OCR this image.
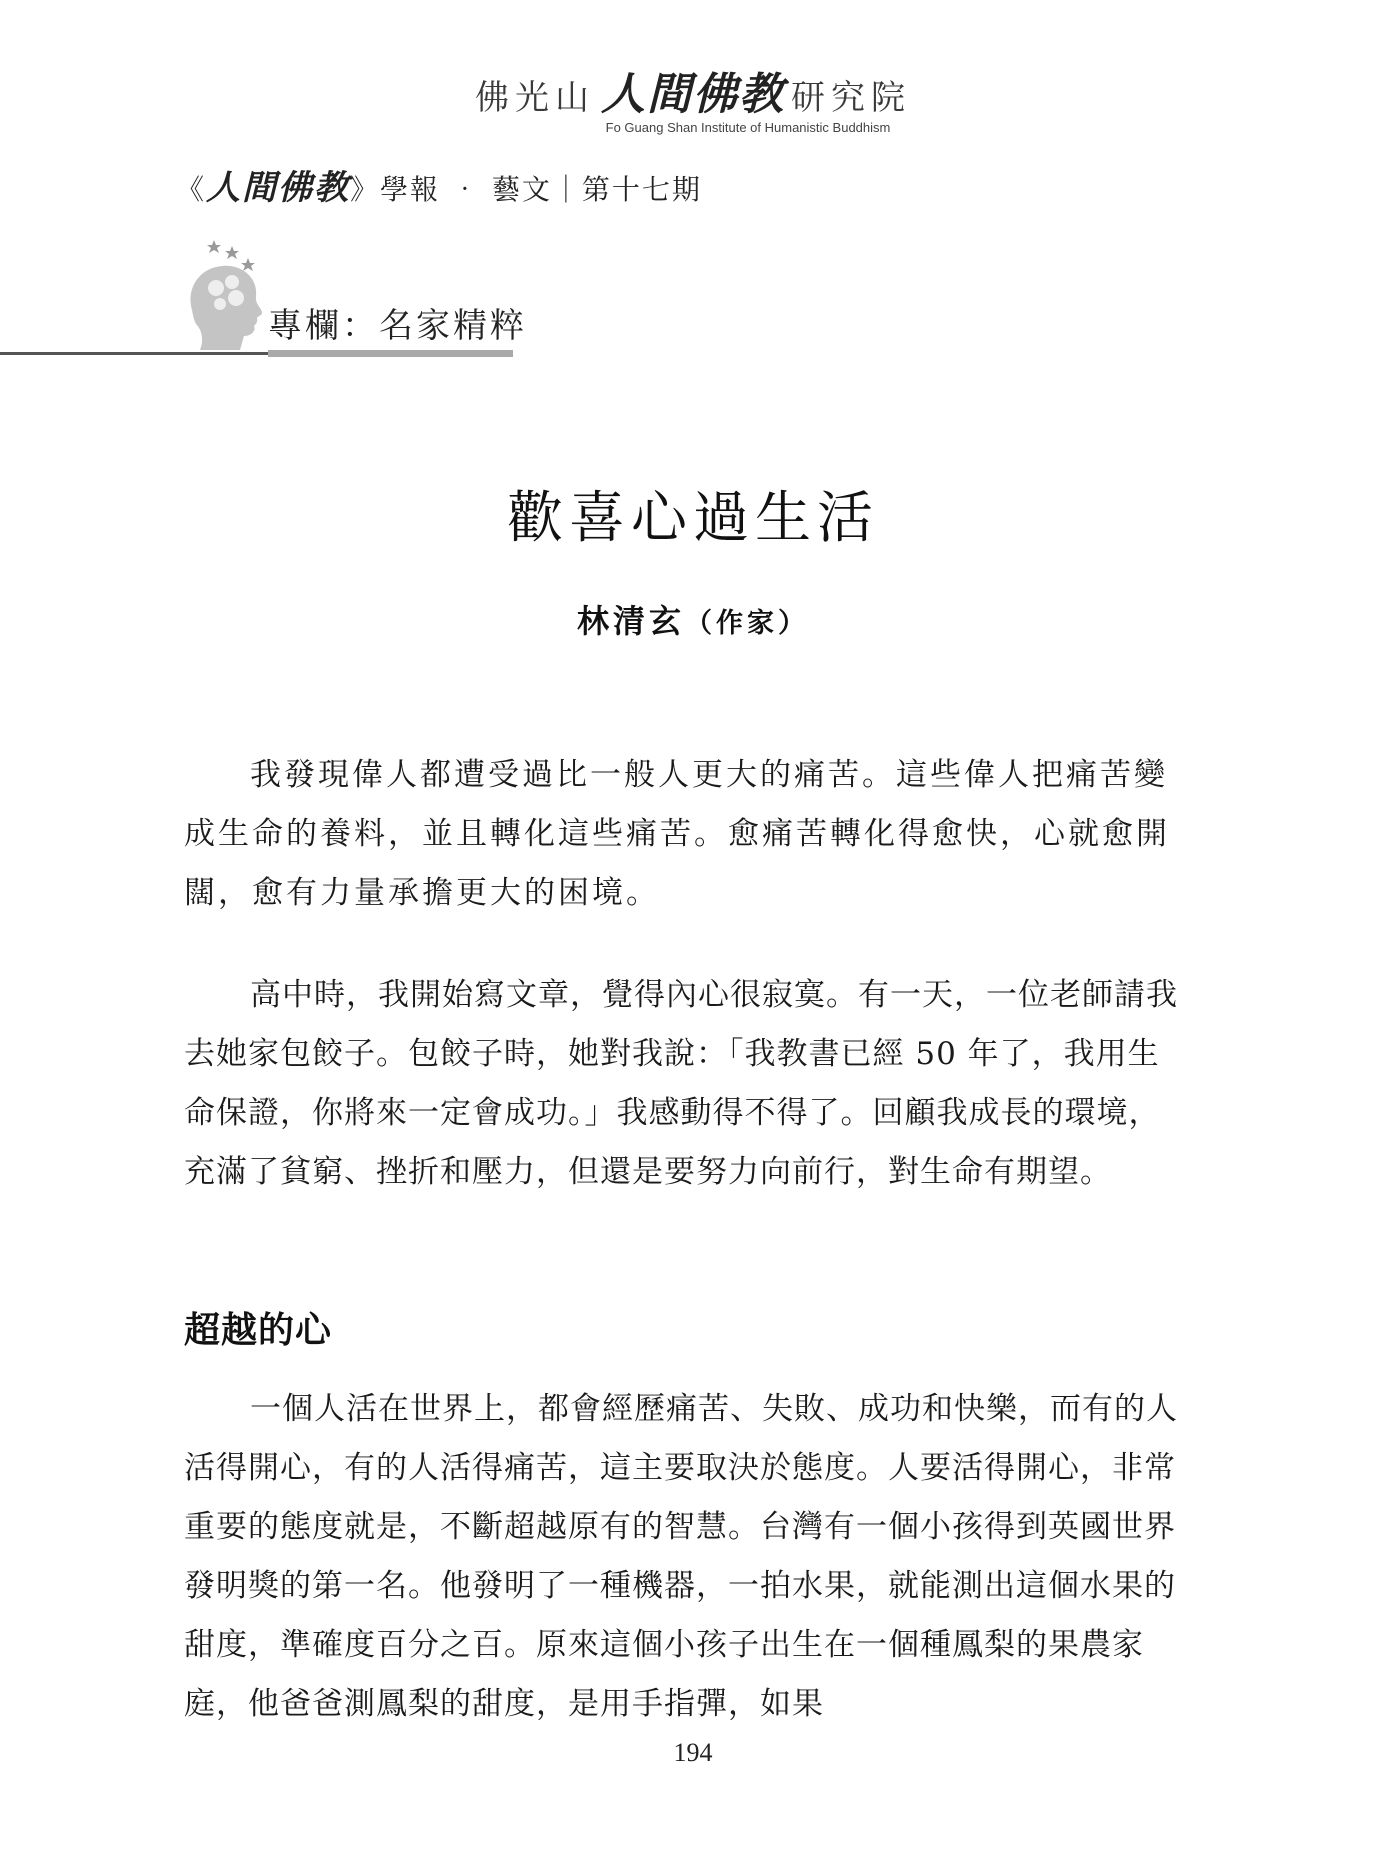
佛光山 人間佛教 研究院
Fo Guang Shan Institute of Humanistic Buddhism
《人間佛教》學報 ‧ 藝文｜第十七期
專欄：名家精粹
歡喜心過生活
林清玄（作家）

我發現偉人都遭受過比一般人更大的痛苦。這些偉人把痛苦變成生命的養料，並且轉化這些痛苦。愈痛苦轉化得愈快，心就愈開闊，愈有力量承擔更大的困境。

高中時，我開始寫文章，覺得內心很寂寞。有一天，一位老師請我去她家包餃子。包餃子時，她對我說：「我教書已經 50 年了，我用生命保證，你將來一定會成功。」我感動得不得了。回顧我成長的環境，充滿了貧窮、挫折和壓力，但還是要努力向前行，對生命有期望。

超越的心

一個人活在世界上，都會經歷痛苦、失敗、成功和快樂，而有的人活得開心，有的人活得痛苦，這主要取決於態度。人要活得開心，非常重要的態度就是，不斷超越原有的智慧。台灣有一個小孩得到英國世界發明獎的第一名。他發明了一種機器，一拍水果，就能測出這個水果的甜度，準確度百分之百。原來這個小孩子出生在一個種鳳梨的果農家庭，他爸爸測鳳梨的甜度，是用手指彈，如果

194
